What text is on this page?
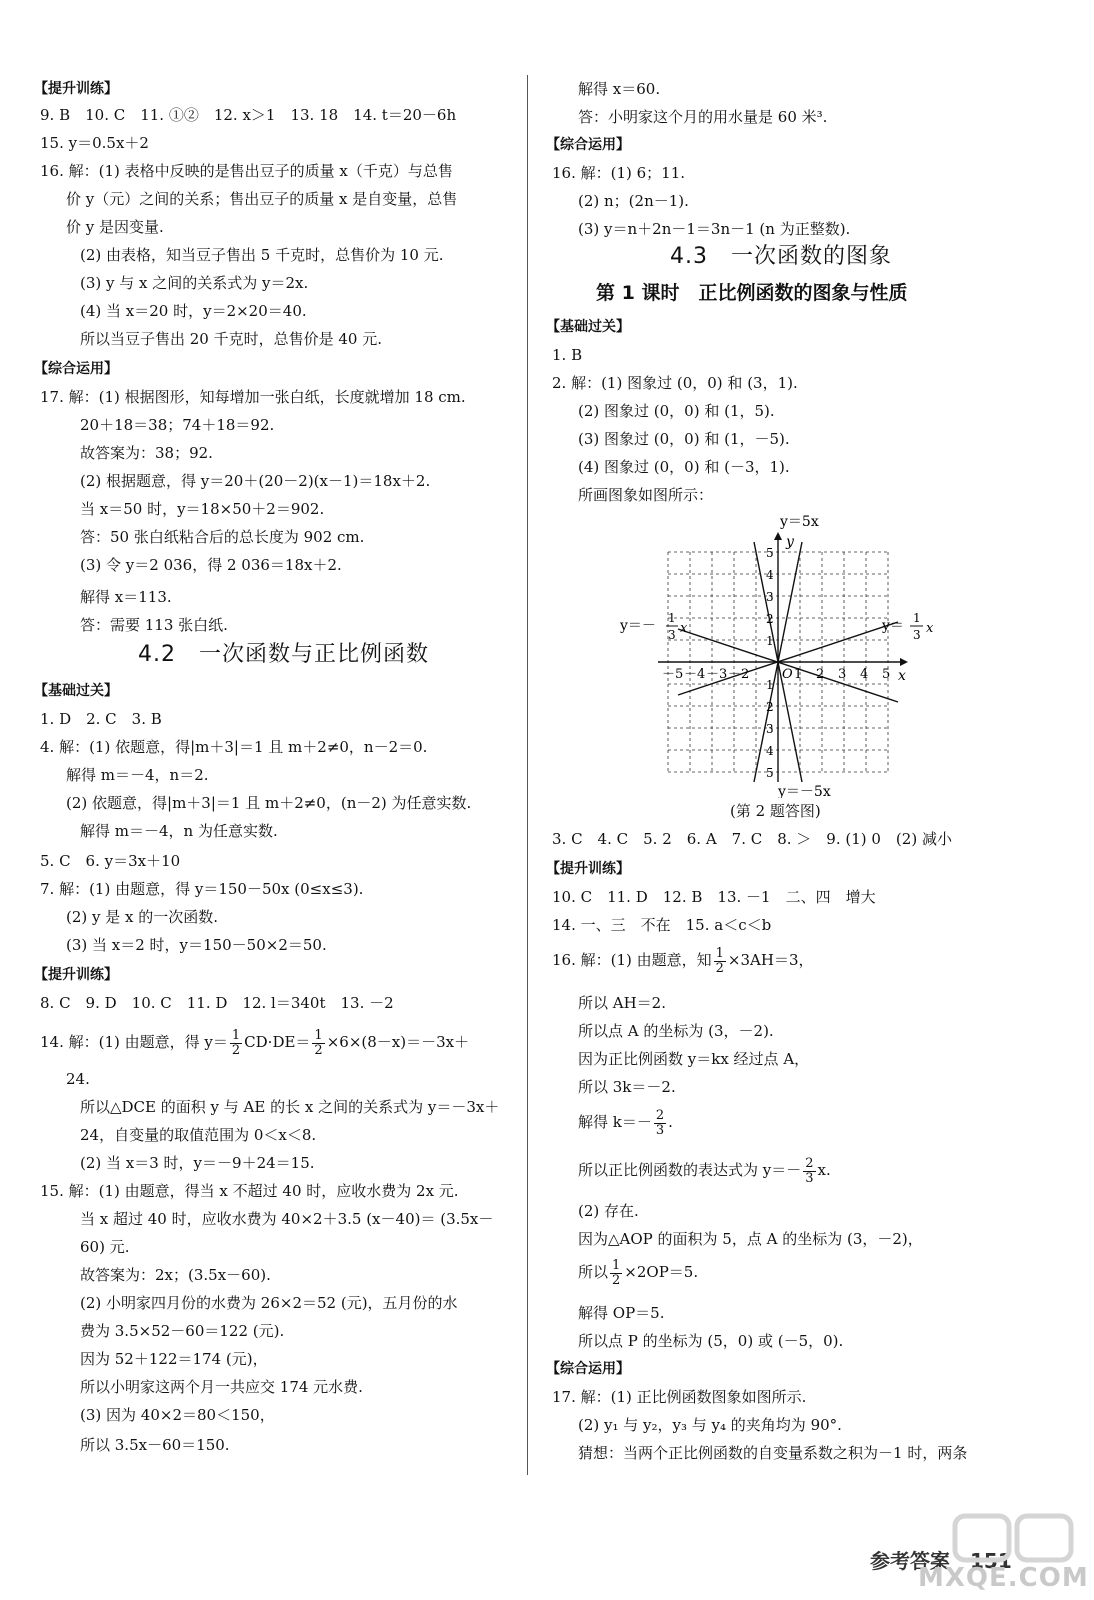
【提升训练】
9. B　10. C　11. ①②　12. x＞1　13. 18　14. t＝20－6h
15. y＝0.5x＋2
16. 解：(1) 表格中反映的是售出豆子的质量 x（千克）与总售
价 y（元）之间的关系；售出豆子的质量 x 是自变量，总售
价 y 是因变量.
(2) 由表格，知当豆子售出 5 千克时，总售价为 10 元.
(3) y 与 x 之间的关系式为 y＝2x.
(4) 当 x＝20 时，y＝2×20＝40.
所以当豆子售出 20 千克时，总售价是 40 元.
【综合运用】
17. 解：(1) 根据图形，知每增加一张白纸，长度就增加 18 cm.
20＋18＝38；74＋18＝92.
故答案为：38；92.
(2) 根据题意，得 y＝20＋(20－2)(x－1)＝18x＋2.
当 x＝50 时，y＝18×50＋2＝902.
答：50 张白纸粘合后的总长度为 902 cm.
(3) 令 y＝2 036，得 2 036＝18x＋2.
解得 x＝113.
答：需要 113 张白纸.
4.2　一次函数与正比例函数
【基础过关】
1. D　2. C　3. B
4. 解：(1) 依题意，得|m＋3|＝1 且 m＋2≠0，n－2＝0.
解得 m＝－4，n＝2.
(2) 依题意，得|m＋3|＝1 且 m＋2≠0，(n－2) 为任意实数.
解得 m＝－4，n 为任意实数.
5. C　6. y＝3x＋10
7. 解：(1) 由题意，得 y＝150－50x (0≤x≤3).
(2) y 是 x 的一次函数.
(3) 当 x＝2 时，y＝150－50×2＝50.
【提升训练】
8. C　9. D　10. C　11. D　12. l＝340t　13. －2
14. 解：(1) 由题意，得 $y= \frac{1}{2} CD\cdot DE= \frac{1}{2} \times 6\times(8-x)=-3x+$
24.
所以△DCE 的面积 y 与 AE 的长 x 之间的关系式为 y＝－3x＋
24，自变量的取值范围为 0＜x＜8.
(2) 当 x＝3 时，y＝－9＋24＝15.
15. 解：(1) 由题意，得当 x 不超过 40 时，应收水费为 2x 元.
当 x 超过 40 时，应收水费为 40×2＋3.5 (x－40)＝ (3.5x－
60) 元.
故答案为：2x；(3.5x－60).
(2) 小明家四月份的水费为 26×2＝52 (元)，五月份的水
费为 3.5×52－60＝122 (元).
因为 52＋122＝174 (元)，
所以小明家这两个月一共应交 174 元水费.
(3) 因为 40×2＝80＜150，
所以 3.5x－60＝150.
解得 x＝60.
答：小明家这个月的用水量是 60 米³.
【综合运用】
16. 解：(1) 6；11.
(2) n；(2n－1).
(3) y＝n＋2n－1＝3n－1 (n 为正整数).
4.3　一次函数的图象
第 1 课时　正比例函数的图象与性质
【基础过关】
1. B
2. 解：(1) 图象过 (0，0) 和 (3，1).
(2) 图象过 (0，0) 和 (1，5).
(3) 图象过 (0，0) 和 (1，－5).
(4) 图象过 (0，0) 和 (－3，1).
所画图象如图所示：
－5 －4 －3 －2	1 2 3 4 5
5
4
3
2
1
1
2
3
4
5
x
y
O
y＝5x
y＝－5x
y＝－ 1
3 x	y＝ 1
3 x
(第 2 题答图)
3. C　4. C　5. 2　6. A　7. C　8. ＞　9. (1) 0　(2) 减小
【提升训练】
10. C　11. D　12. B　13. －1　二、四　增大
14. 一、三　不在　15. a＜c＜b
16. 解：(1) 由题意，知 $\frac{1}{2} \times 3AH=3$，
所以 AH＝2.
所以点 A 的坐标为 (3，－2).
因为正比例函数 y＝kx 经过点 A，
所以 3k＝－2.
解得 $k=- \frac{2}{3}$ .
所以正比例函数的表达式为 $y=- \frac{2}{3} x$.
(2) 存在.
因为△AOP 的面积为 5，点 A 的坐标为 (3，－2)，
所以 $\frac{1}{2} \times 2OP=5$.
解得 OP＝5.
所以点 P 的坐标为 (5，0) 或 (－5，0).
【综合运用】
17. 解：(1) 正比例函数图象如图所示.
(2) y₁ 与 y₂，y₃ 与 y₄ 的夹角均为 90°.
猜想：当两个正比例函数的自变量系数之积为－1 时，两条
参考答案　151
MXQE.COM
